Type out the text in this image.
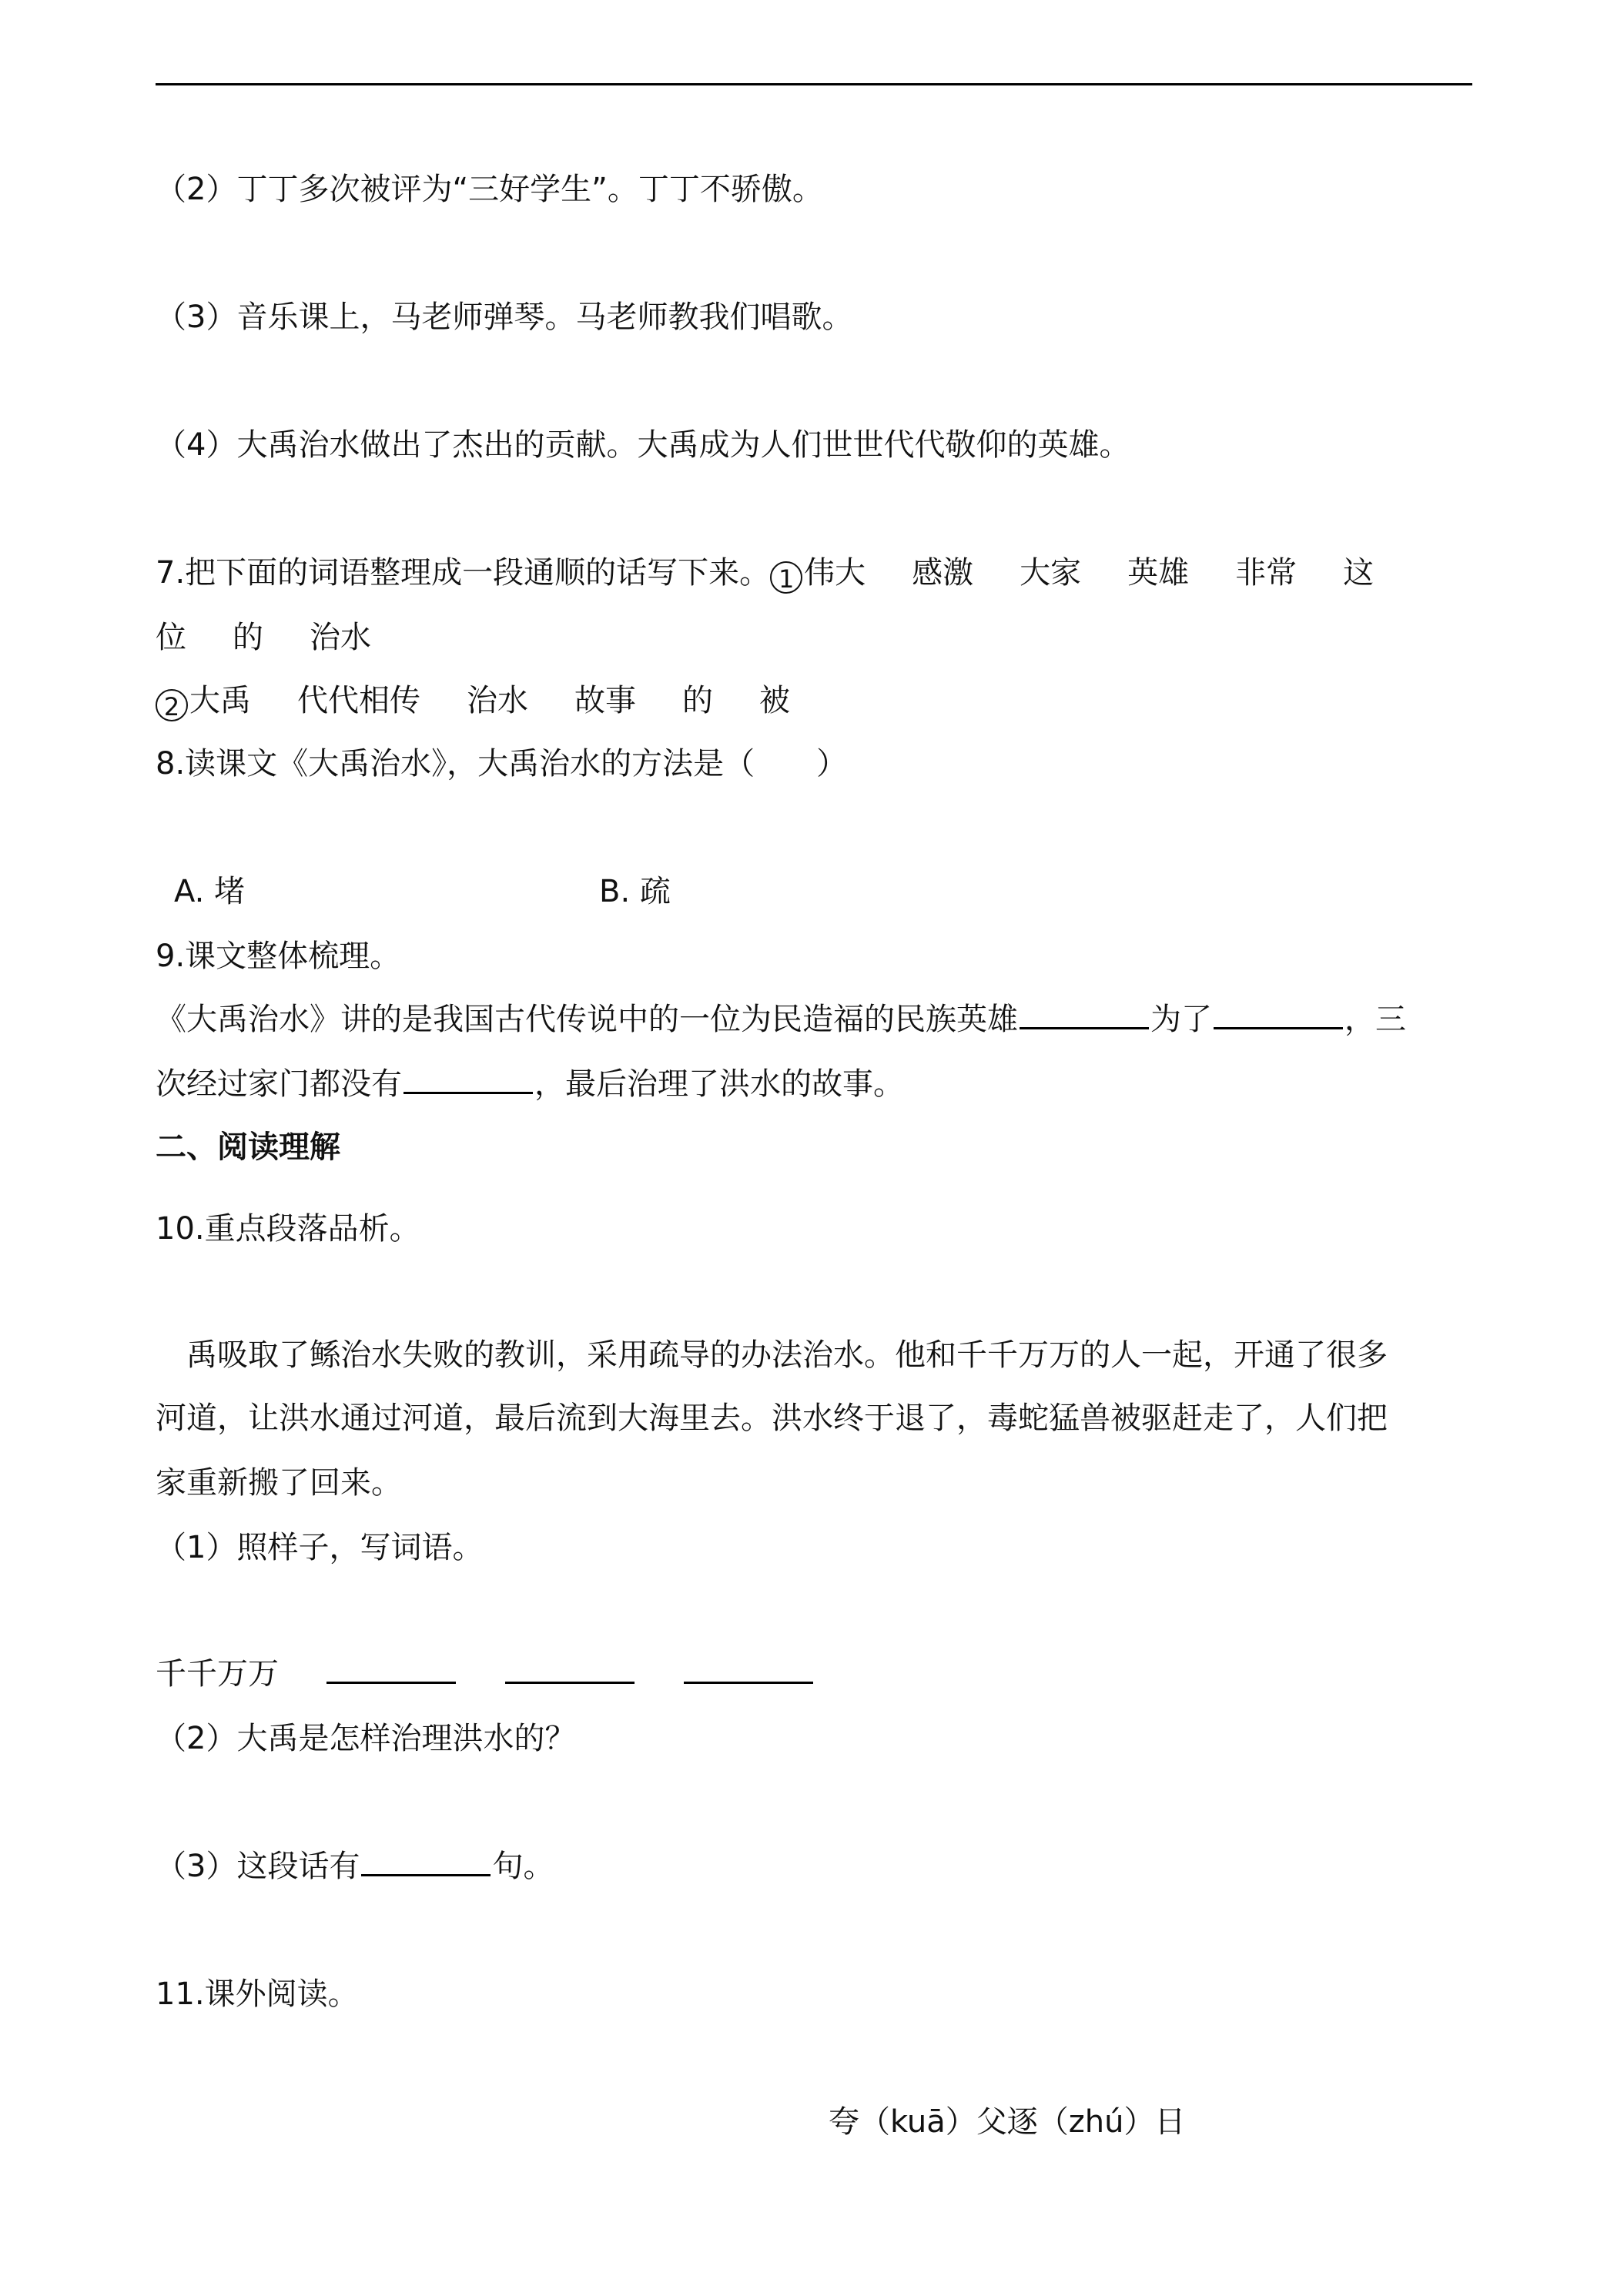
（2）丁丁多次被评为“三好学生”。丁丁不骄傲。
（3）音乐课上，马老师弹琴。马老师教我们唱歌。
（4）大禹治水做出了杰出的贡献。大禹成为人们世世代代敬仰的英雄。
7.把下面的词语整理成一段通顺的话写下来。 1 伟大 感激 大家 英雄 非常 这
位 的 治水
2 大禹 代代相传 治水 故事 的 被
8.读课文《大禹治水》，大禹治水的方法是（　　）
A. 堵	B. 疏
9.课文整体梳理。
《大禹治水》讲的是我国古代传说中的一位为民造福的民族英雄	为了	，三
次经过家门都没有	，最后治理了洪水的故事。
二、阅读理解
10.重点段落品析。
　禹吸取了鲧治水失败的教训，采用疏导的办法治水。他和千千万万的人一起，开通了很多
河道，让洪水通过河道，最后流到大海里去。洪水终于退了，毒蛇猛兽被驱赶走了，人们把
家重新搬了回来。
（1）照样子，写词语。
千千万万
（2）大禹是怎样治理洪水的？
（3）这段话有	句。
11.课外阅读。
夸（kuā）父逐（zhú）日
